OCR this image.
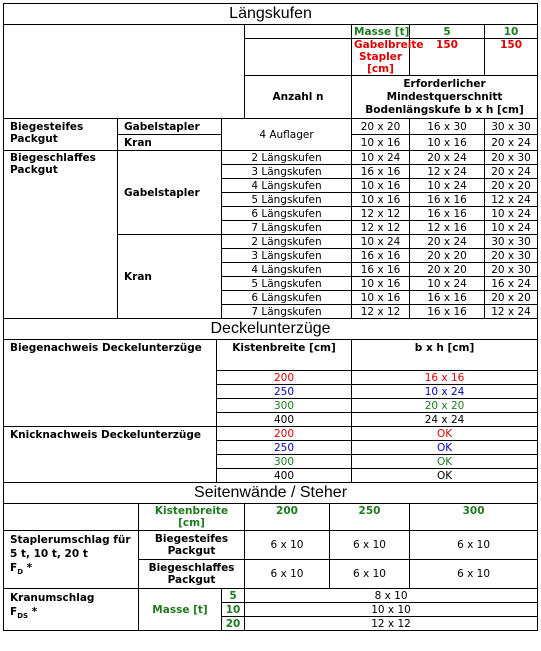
Längskufen
		Masse [t]	5	10	
	Gabelbreite Stapler [cm]	150	150	
Anzahl n	Erforderlicher Mindestquerschnitt Bodenlängskufe b x h [cm]
Biegesteifes Packgut	Gabelstapler	4 Auflager	20 x 20	16 x 30	30 x 30
Kran	10 x 16	10 x 16	20 x 24
Biegeschlaffes Packgut	Gabelstapler	2 Längskufen	10 x 24	20 x 24	20 x 30
3 Längskufen	16 x 16	12 x 24	20 x 24
4 Längskufen	10 x 16	10 x 24	20 x 20
5 Längskufen	10 x 16	16 x 16	12 x 24
6 Längskufen	12 x 12	16 x 16	10 x 24
7 Längskufen	12 x 12	12 x 16	10 x 24
Kran	2 Längskufen	10 x 24	20 x 24	30 x 30
3 Längskufen	16 x 16	20 x 20	20 x 30
4 Längskufen	16 x 16	20 x 20	20 x 30
5 Längskufen	10 x 16	10 x 24	16 x 24
6 Längskufen	10 x 16	16 x 16	20 x 20
7 Längskufen	12 x 12	16 x 16	12 x 24
Deckelunterzüge
Biegenachweis Deckelunterzüge	Kistenbreite [cm]	b x h [cm]
200	16 x 16
250	10 x 24
300	20 x 20
400	24 x 24
Knicknachweis Deckelunterzüge	200	OK
250	OK
300	OK
400	OK
Seitenwände / Steher
	Kistenbreite [cm]	200	250	300	
Staplerumschlag für 5 t, 10 t, 20 t
$F_D$ *	Biegesteifes Packgut	6 x 10	6 x 10	6 x 10	
Biegeschlaffes Packgut	6 x 10	6 x 10	6 x 10	
Kranumschlag
$F_{DS}$ *	Masse [t]	5	8 x 10
10	10 x 10
20	12 x 12
